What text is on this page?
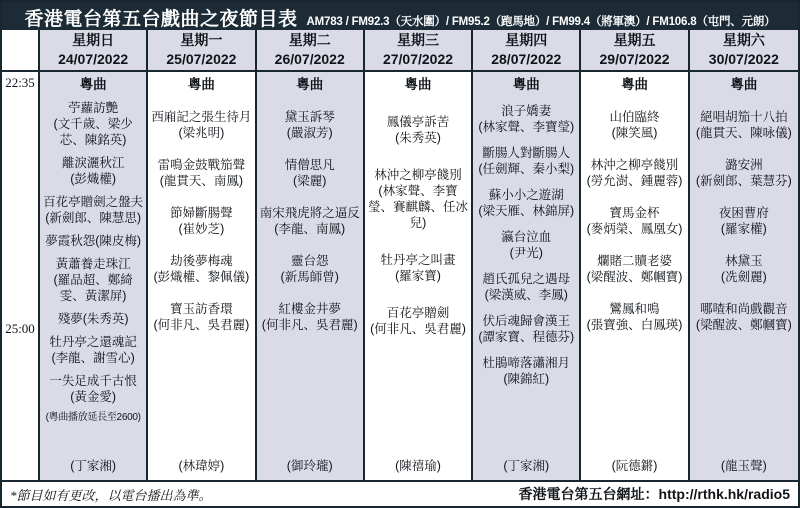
香港電台第五台戲曲之夜節目表 AM783 / FM92.3（天水圍）/ FM95.2（跑馬地）/ FM99.4（將軍澳）/ FM106.8（屯門、元朗）
22:35
25:00
星期日
24/07/2022
粵曲
苧蘿訪艷
(文千歲、梁少芯、陳銘英)
離淚灑秋江
(彭熾權)
百花亭贈劍之盤夫
(新劍郎、陳慧思)
夢霞秋怨(陳皮梅)
黃蕭養走珠江
(羅品超、鄭綺雯、黃潔屏)
殘夢(朱秀英)
牡丹亭之還魂記
(李龍、謝雪心)
一失足成千古恨
(黃金愛)
(粵曲播放延長至2600)
(丁家湘)
星期一
25/07/2022
粵曲
西廂記之張生待月
(梁兆明)
雷鳴金鼓戰笳聲
(龍貫天、南鳳)
節婦斷腸聲
(崔妙芝)
劫後夢梅魂
(彭熾權、黎佩儀)
寶玉訪香環
(何非凡、吳君麗)
(林瑋婷)
星期二
26/07/2022
粵曲
黛玉訴琴
(嚴淑芳)
情僧思凡
(梁麗)
南宋飛虎將之逼反
(李龍、南鳳)
靈台怨
(新馬師曾)
紅樓金井夢
(何非凡、吳君麗)
(御玲瓏)
星期三
27/07/2022
粵曲
鳳儀亭訴苦
(朱秀英)
林沖之柳亭餞別
(林家聲、李寶瑩、賽麒麟、任冰兒)
牡丹亭之叫畫
(羅家寶)
百花亭贈劍
(何非凡、吳君麗)
(陳禧瑜)
星期四
28/07/2022
粵曲
浪子嬌妻
(林家聲、李寶瑩)
斷腸人對斷腸人
(任劍輝、秦小梨)
蘇小小之遊湖
(梁天雁、林錦屏)
瀛台泣血
(尹光)
趙氏孤兒之遇母
(梁漢威、李鳳)
伏后魂歸會漢王
(譚家寶、程德芬)
杜鵑啼落瀟湘月
(陳錦紅)
(丁家湘)
星期五
29/07/2022
粵曲
山伯臨終
(陳笑風)
林沖之柳亭餞別
(勞允澍、鍾麗蓉)
寶馬金杯
(麥炳榮、鳳凰女)
爛賭二贖老婆
(梁醒波、鄭幗寶)
鸞鳳和鳴
(張寶強、白鳳瑛)
(阮德鏘)
星期六
30/07/2022
粵曲
絕唱胡笳十八拍
(龍貫天、陳咏儀)
潞安洲
(新劍郎、葉慧芬)
夜困曹府
(羅家權)
林黛玉
(冼劍麗)
哪喳和尚戲觀音
(梁醒波、鄭幗寶)
(龍玉聲)
*節目如有更改，以電台播出為準。	香港電台第五台網址：http://rthk.hk/radio5
